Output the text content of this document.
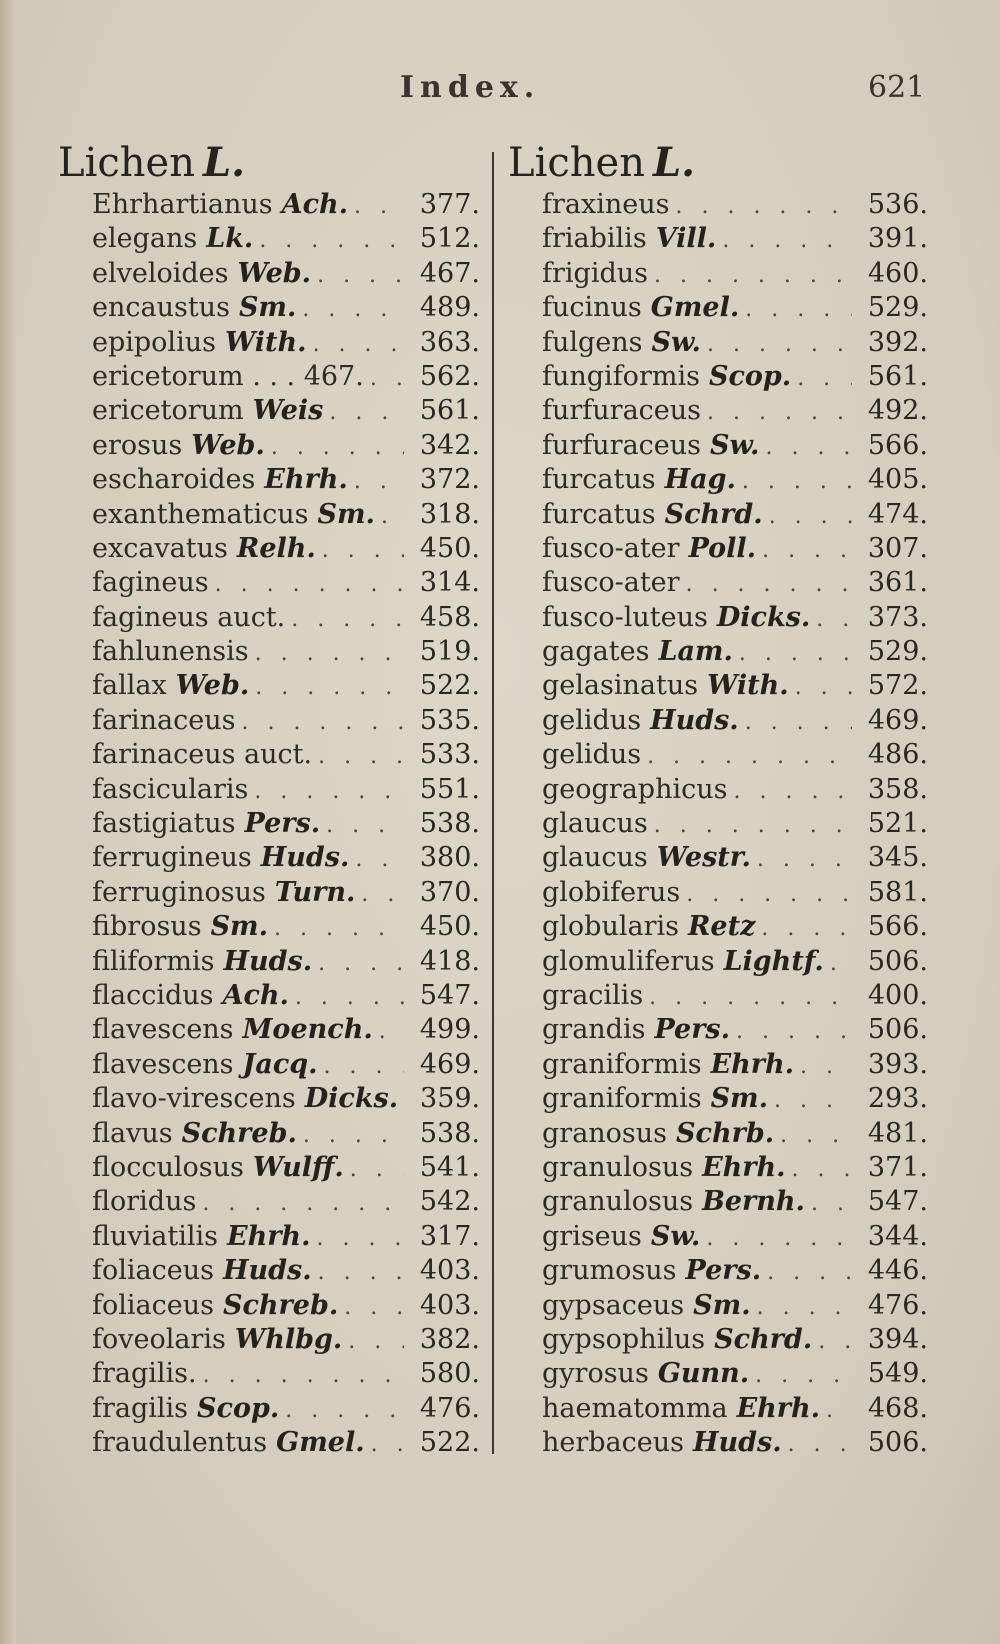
Index.	621
Lichen L.
Ehrhartianus Ach. . . .	377.
elegans Lk. . . .	512.
elveloides Web. . . .	467.
encaustus Sm. . . .	489.
epipolius With. . . .	363.
ericetorum . . . 467. . . .	562.
ericetorum Weis . . .	561.
erosus Web. . . .	342.
escharoides Ehrh. . . .	372.
exanthematicus Sm. . . .	318.
excavatus Relh. . . .	450.
fagineus . . .	314.
fagineus auct. . . .	458.
fahlunensis . . .	519.
fallax Web. . . .	522.
farinaceus . . .	535.
farinaceus auct. . . .	533.
fascicularis . . .	551.
fastigiatus Pers. . . .	538.
ferrugineus Huds. . . .	380.
ferruginosus Turn. . . .	370.
fibrosus Sm. . . .	450.
filiformis Huds. . . .	418.
flaccidus Ach. . . .	547.
flavescens Moench. . . .	499.
flavescens Jacq. . . .	469.
flavo-virescens Dicks. 359.
flavus Schreb. . . .	538.
flocculosus Wulff. . . .	541.
floridus . . .	542.
fluviatilis Ehrh. . . .	317.
foliaceus Huds. . . .	403.
foliaceus Schreb. . . .	403.
foveolaris Whlbg. . . .	382.
fragilis. . . .	580.
fragilis Scop. . . .	476.
fraudulentus Gmel. . . .	522.
Lichen L.
fraxineus . . .	536.
friabilis Vill. . . .	391.
frigidus . . .	460.
fucinus Gmel. . . .	529.
fulgens Sw. . . .	392.
fungiformis Scop. . . .	561.
furfuraceus . . .	492.
furfuraceus Sw. . . .	566.
furcatus Hag. . . .	405.
furcatus Schrd. . . .	474.
fusco-ater Poll. . . .	307.
fusco-ater . . .	361.
fusco-luteus Dicks. . . .	373.
gagates Lam. . . .	529.
gelasinatus With. . . .	572.
gelidus Huds. . . .	469.
gelidus . . .	486.
geographicus . . .	358.
glaucus . . .	521.
glaucus Westr. . . .	345.
globiferus . . .	581.
globularis Retz . . .	566.
glomuliferus Lightf. . . .	506.
gracilis . . .	400.
grandis Pers. . . .	506.
graniformis Ehrh. . . .	393.
graniformis Sm. . . .	293.
granosus Schrb. . . .	481.
granulosus Ehrh. . . .	371.
granulosus Bernh. . . .	547.
griseus Sw. . . .	344.
grumosus Pers. . . .	446.
gypsaceus Sm. . . .	476.
gypsophilus Schrd. . . .	394.
gyrosus Gunn. . . .	549.
haematomma Ehrh. . . .	468.
herbaceus Huds. . . .	506.
